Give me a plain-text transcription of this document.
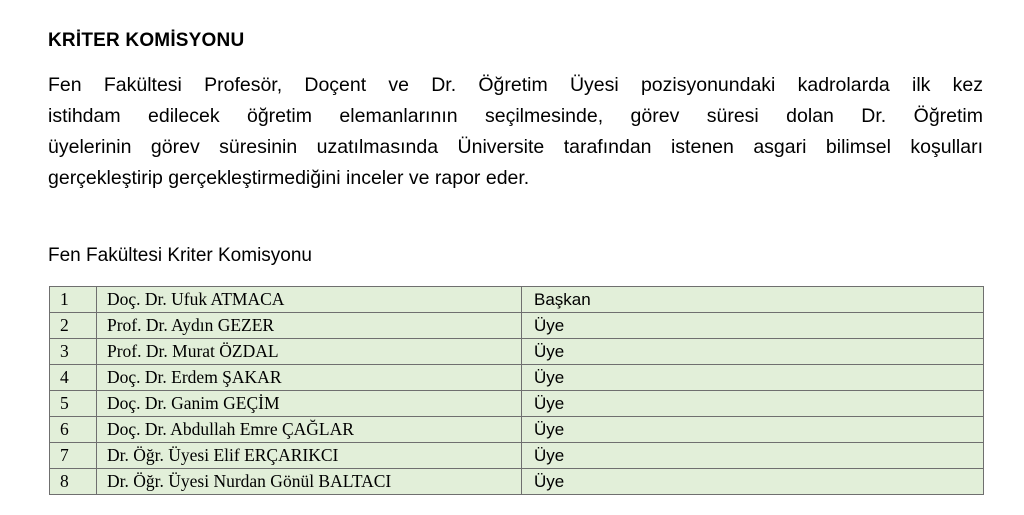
KRİTER KOMİSYONU

Fen Fakültesi Profesör, Doçent ve Dr. Öğretim Üyesi pozisyonundaki kadrolarda ilk kez
istihdam edilecek öğretim elemanlarının seçilmesinde, görev süresi dolan Dr. Öğretim
üyelerinin görev süresinin uzatılmasında Üniversite tarafından istenen asgari bilimsel koşulları
gerçekleştirip gerçekleştirmediğini inceler ve rapor eder.

Fen Fakültesi Kriter Komisyonu
1	Doç. Dr. Ufuk ATMACA	Başkan
2	Prof. Dr. Aydın GEZER	Üye
3	Prof. Dr. Murat ÖZDAL	Üye
4	Doç. Dr. Erdem ŞAKAR	Üye
5	Doç. Dr. Ganim GEÇİM	Üye
6	Doç. Dr. Abdullah Emre ÇAĞLAR	Üye
7	Dr. Öğr. Üyesi Elif ERÇARIKCI	Üye
8	Dr. Öğr. Üyesi Nurdan Gönül BALTACI	Üye
